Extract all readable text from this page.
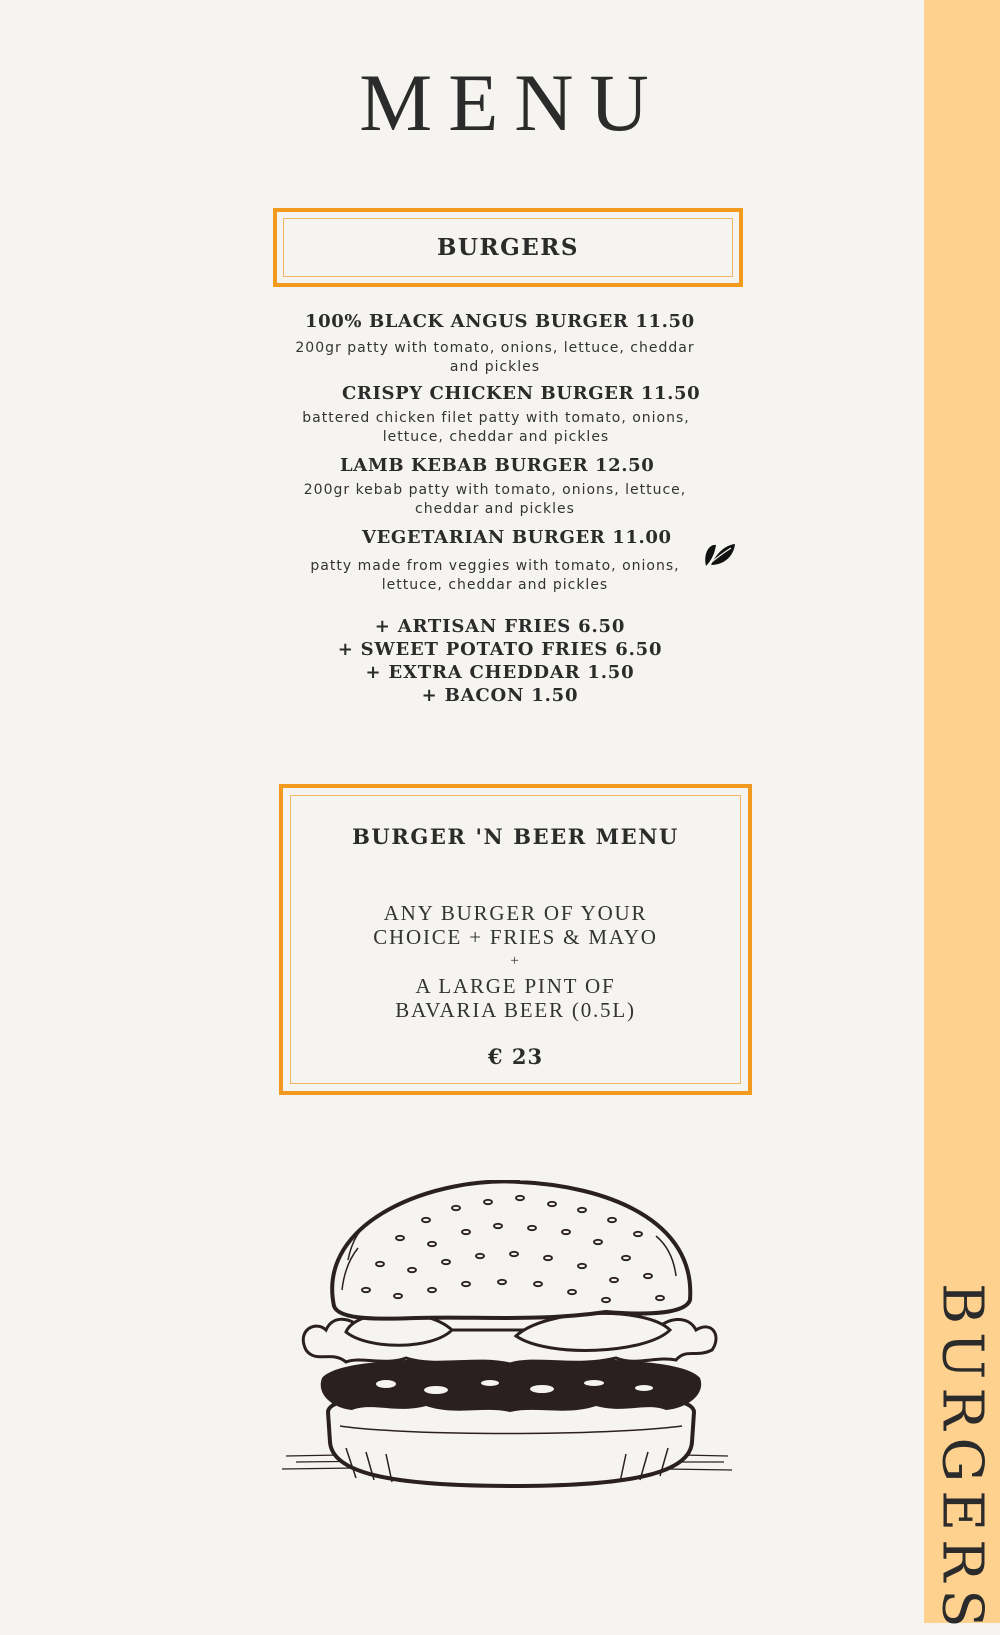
BURGERS
MENU
BURGERS
100% BLACK ANGUS BURGER 11.50
200gr patty with tomato, onions, lettuce, cheddar
and pickles
CRISPY CHICKEN BURGER 11.50
battered chicken filet patty with tomato, onions,
lettuce, cheddar and pickles
LAMB KEBAB BURGER 12.50
200gr kebab patty with tomato, onions, lettuce,
cheddar and pickles
VEGETARIAN BURGER 11.00
patty made from veggies with tomato, onions,
lettuce, cheddar and pickles
+ ARTISAN FRIES 6.50
+ SWEET POTATO FRIES 6.50
+ EXTRA CHEDDAR 1.50
+ BACON 1.50
BURGER 'N BEER MENU
ANY BURGER OF YOUR
CHOICE + FRIES & MAYO
+
A LARGE PINT OF
BAVARIA BEER (0.5L)
€ 23
